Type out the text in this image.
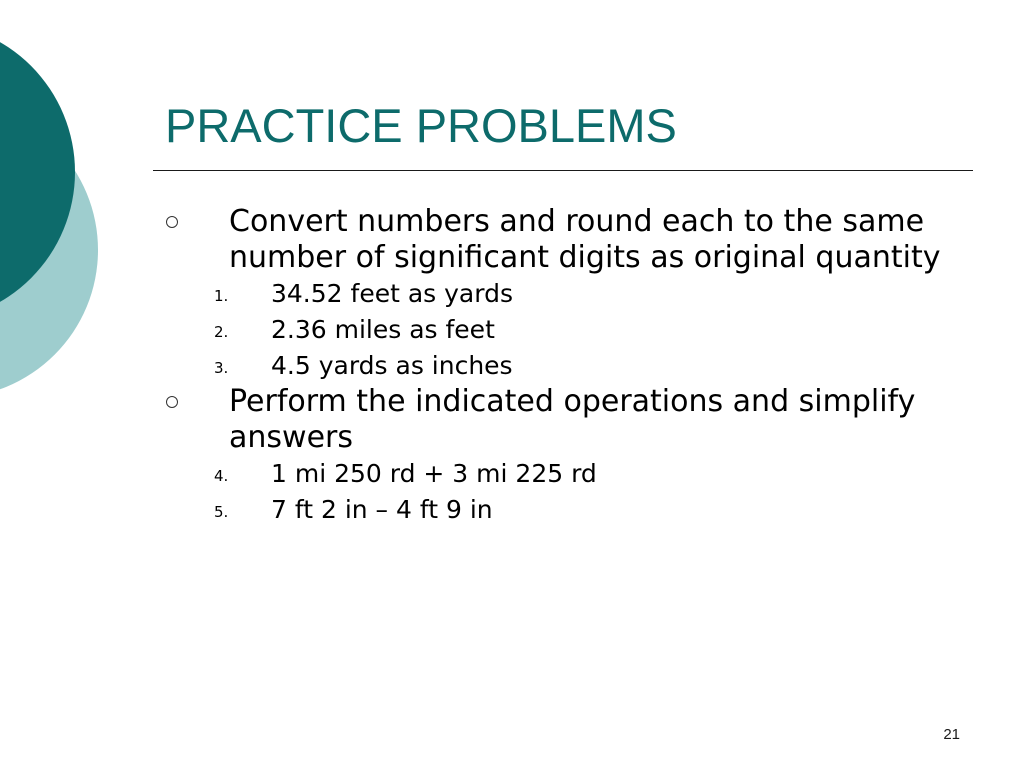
PRACTICE PROBLEMS
Convert numbers and round each to the same number of significant digits as original quantity
1. 34.52 feet as yards
2. 2.36 miles as feet
3. 4.5 yards as inches
Perform the indicated operations and simplify answers
4. 1 mi 250 rd + 3 mi 225 rd
5. 7 ft 2 in – 4 ft 9 in
21
